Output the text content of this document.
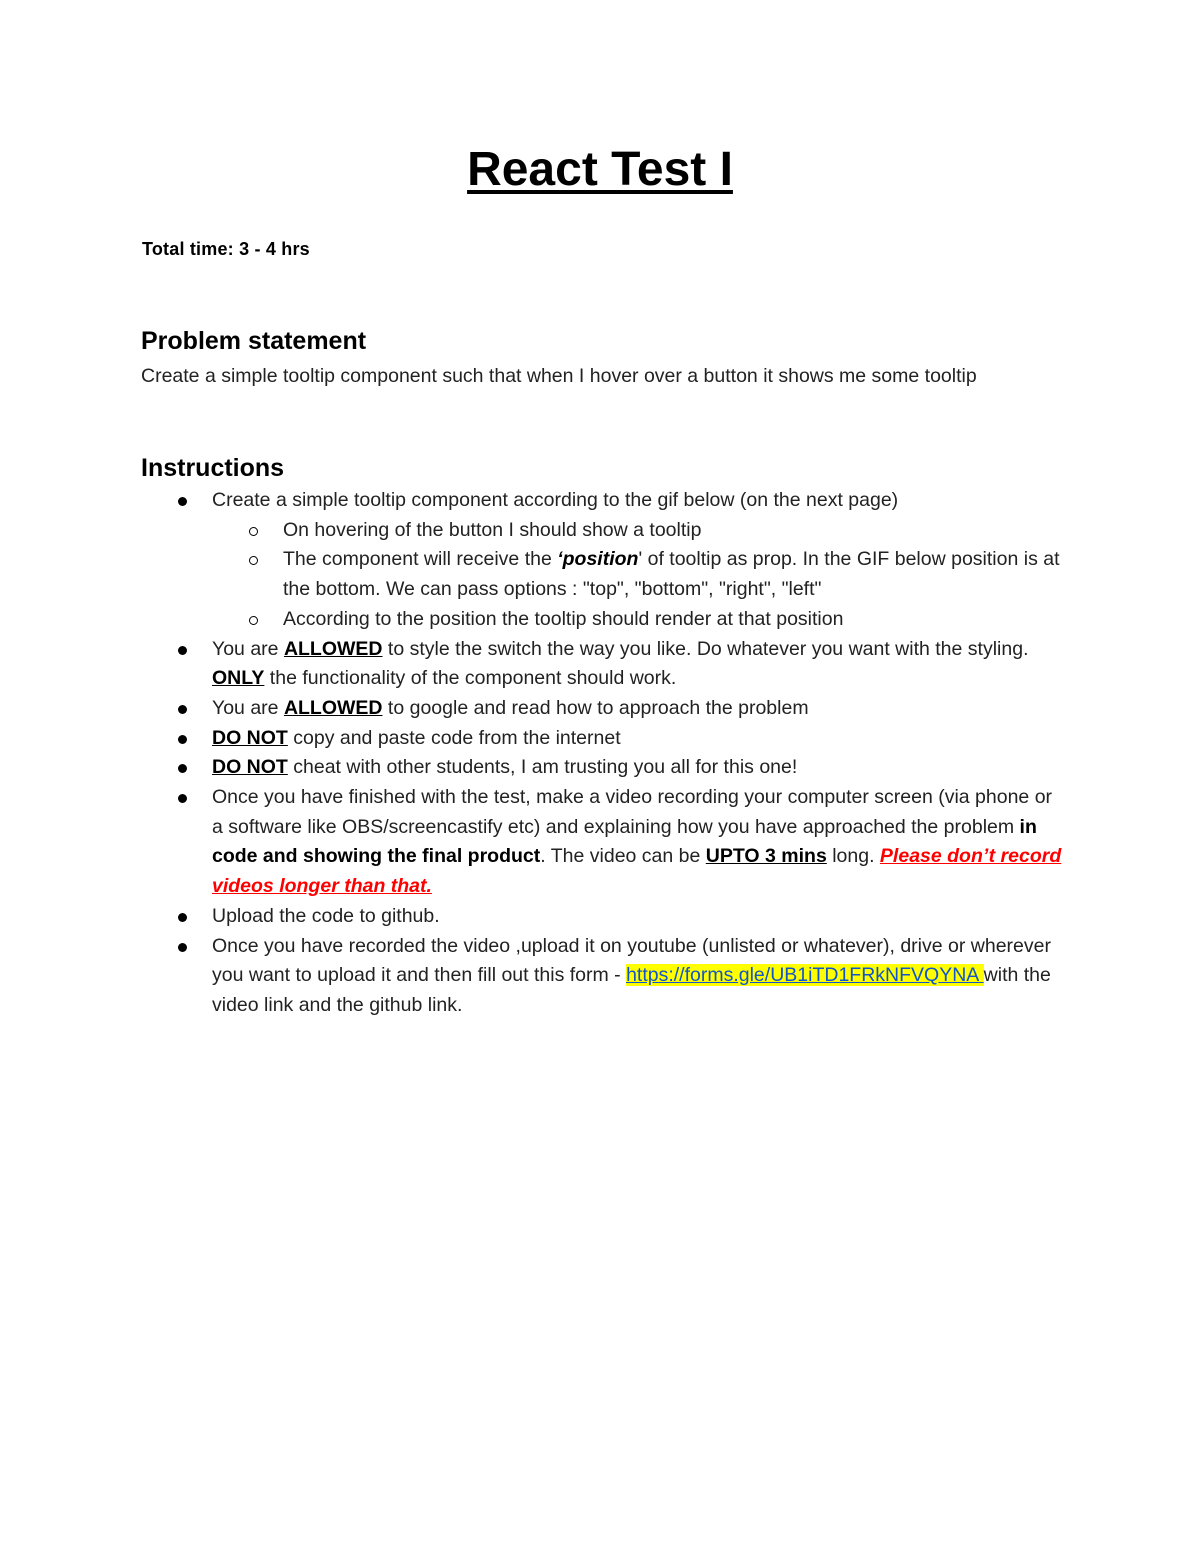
React Test I
Total time: 3 - 4 hrs
Problem statement
Create a simple tooltip component such that when I hover over a button it shows me some tooltip
Instructions
Create a simple tooltip component according to the gif below (on the next page)
On hovering of the button I should show a tooltip
The component will receive the ‘position' of tooltip as prop. In the GIF below position is at the bottom. We can pass options : "top", "bottom", "right", "left"
According to the position the tooltip should render at that position
You are ALLOWED to style the switch the way you like. Do whatever you want with the styling. ONLY the functionality of the component should work.
You are ALLOWED to google and read how to approach the problem
DO NOT copy and paste code from the internet
DO NOT cheat with other students, I am trusting you all for this one!
Once you have finished with the test, make a video recording your computer screen (via phone or a software like OBS/screencastify etc) and explaining how you have approached the problem in code and showing the final product. The video can be UPTO 3 mins long. Please don’t record videos longer than that.
Upload the code to github.
Once you have recorded the video ,upload it on youtube (unlisted or whatever), drive or wherever you want to upload it and then fill out this form - https://forms.gle/UB1iTD1FRkNFVQYNA with the video link and the github link.
